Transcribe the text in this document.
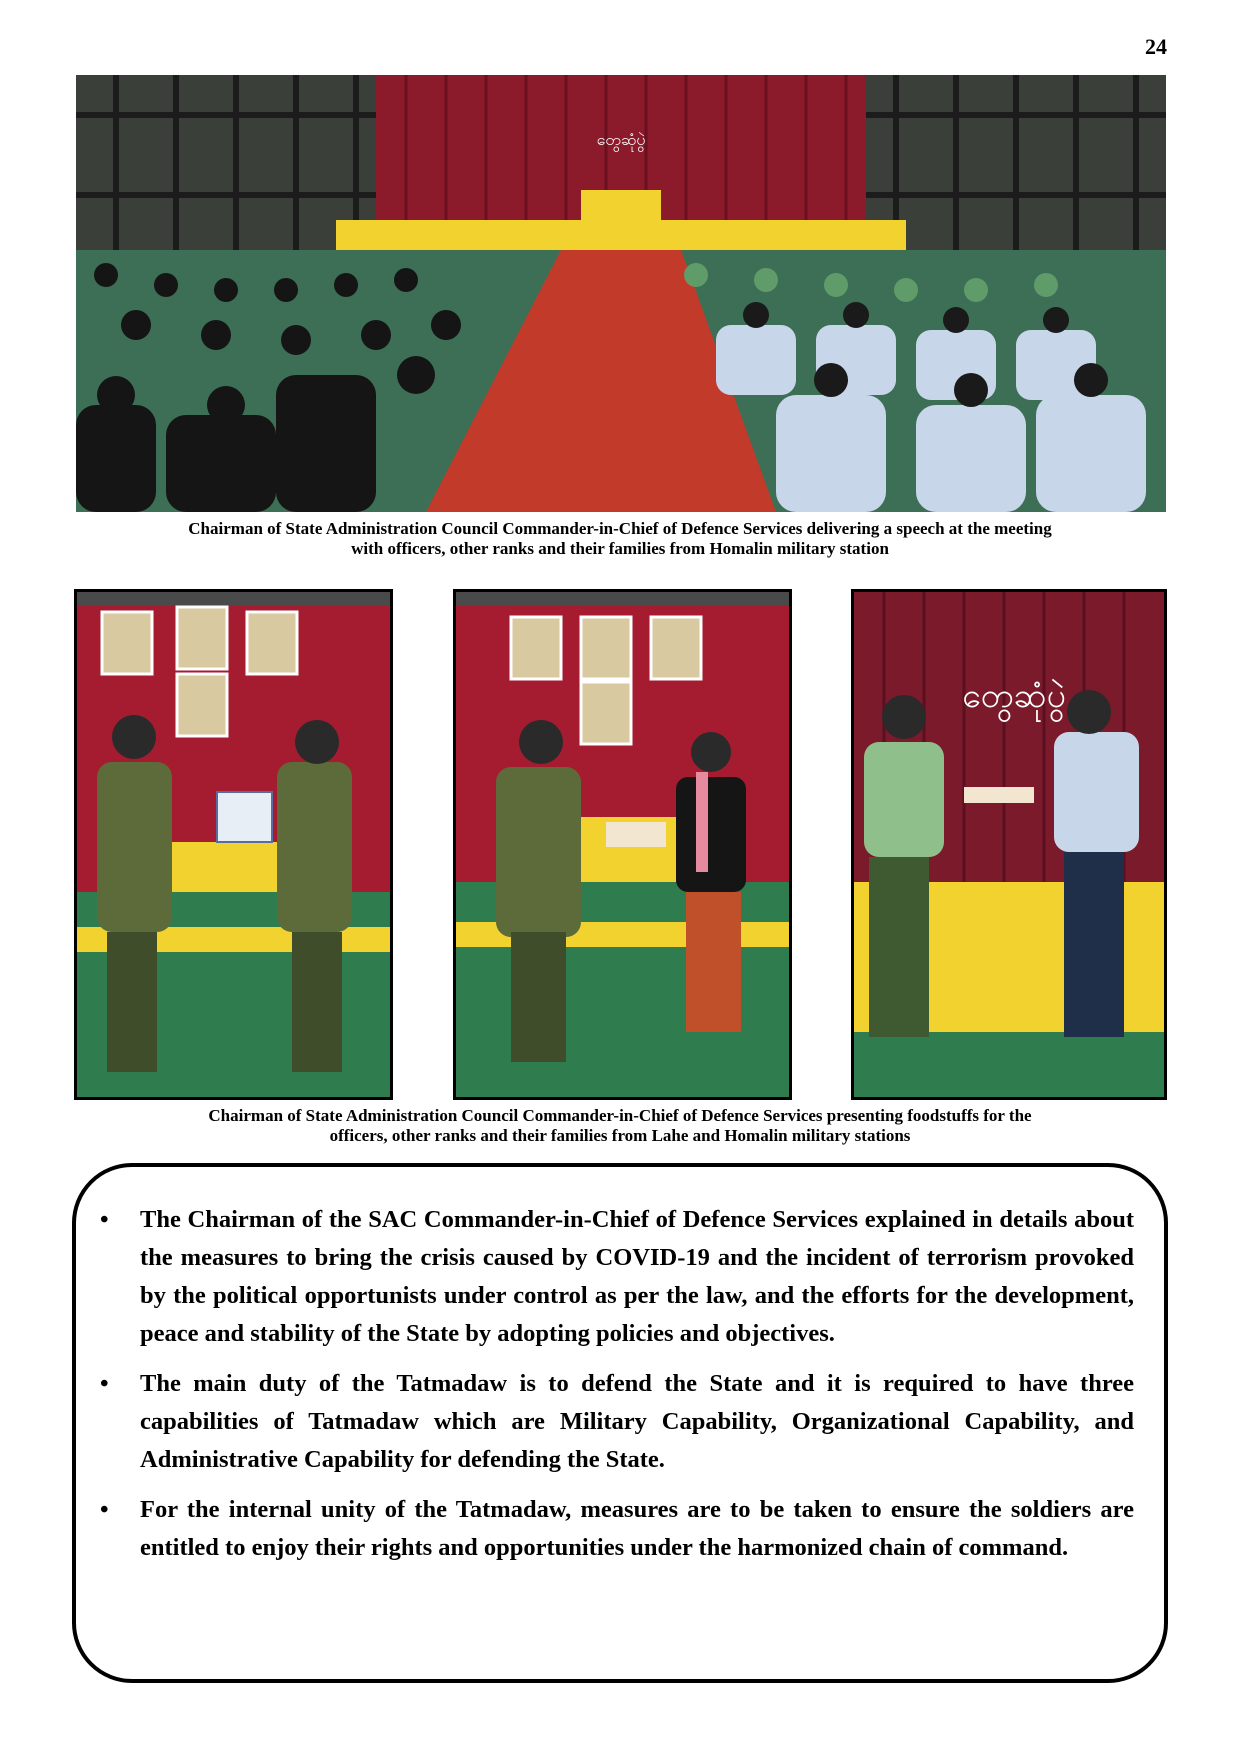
24
တွေဆုံပွဲ
Chairman of State Administration Council Commander-in-Chief of Defence Services delivering a speech at the meeting
with officers, other ranks and their families from Homalin military station
တွေဆုံပွဲ
Chairman of State Administration Council Commander-in-Chief of Defence Services presenting foodstuffs for the
officers, other ranks and their families from Lahe and Homalin military stations
• The Chairman of the SAC Commander-in-Chief of Defence Services explained in details about the measures to bring the crisis caused by COVID-19 and the incident of terrorism provoked by the political opportunists under control as per the law, and the efforts for the development, peace and stability of the State by adopting policies and objectives.
• The main duty of the Tatmadaw is to defend the State and it is required to have three capabilities of Tatmadaw which are Military Capability, Organizational Capability, and Administrative Capability for defending the State.
• For the internal unity of the Tatmadaw, measures are to be taken to ensure the soldiers are entitled to enjoy their rights and opportunities under the harmonized chain of command.
